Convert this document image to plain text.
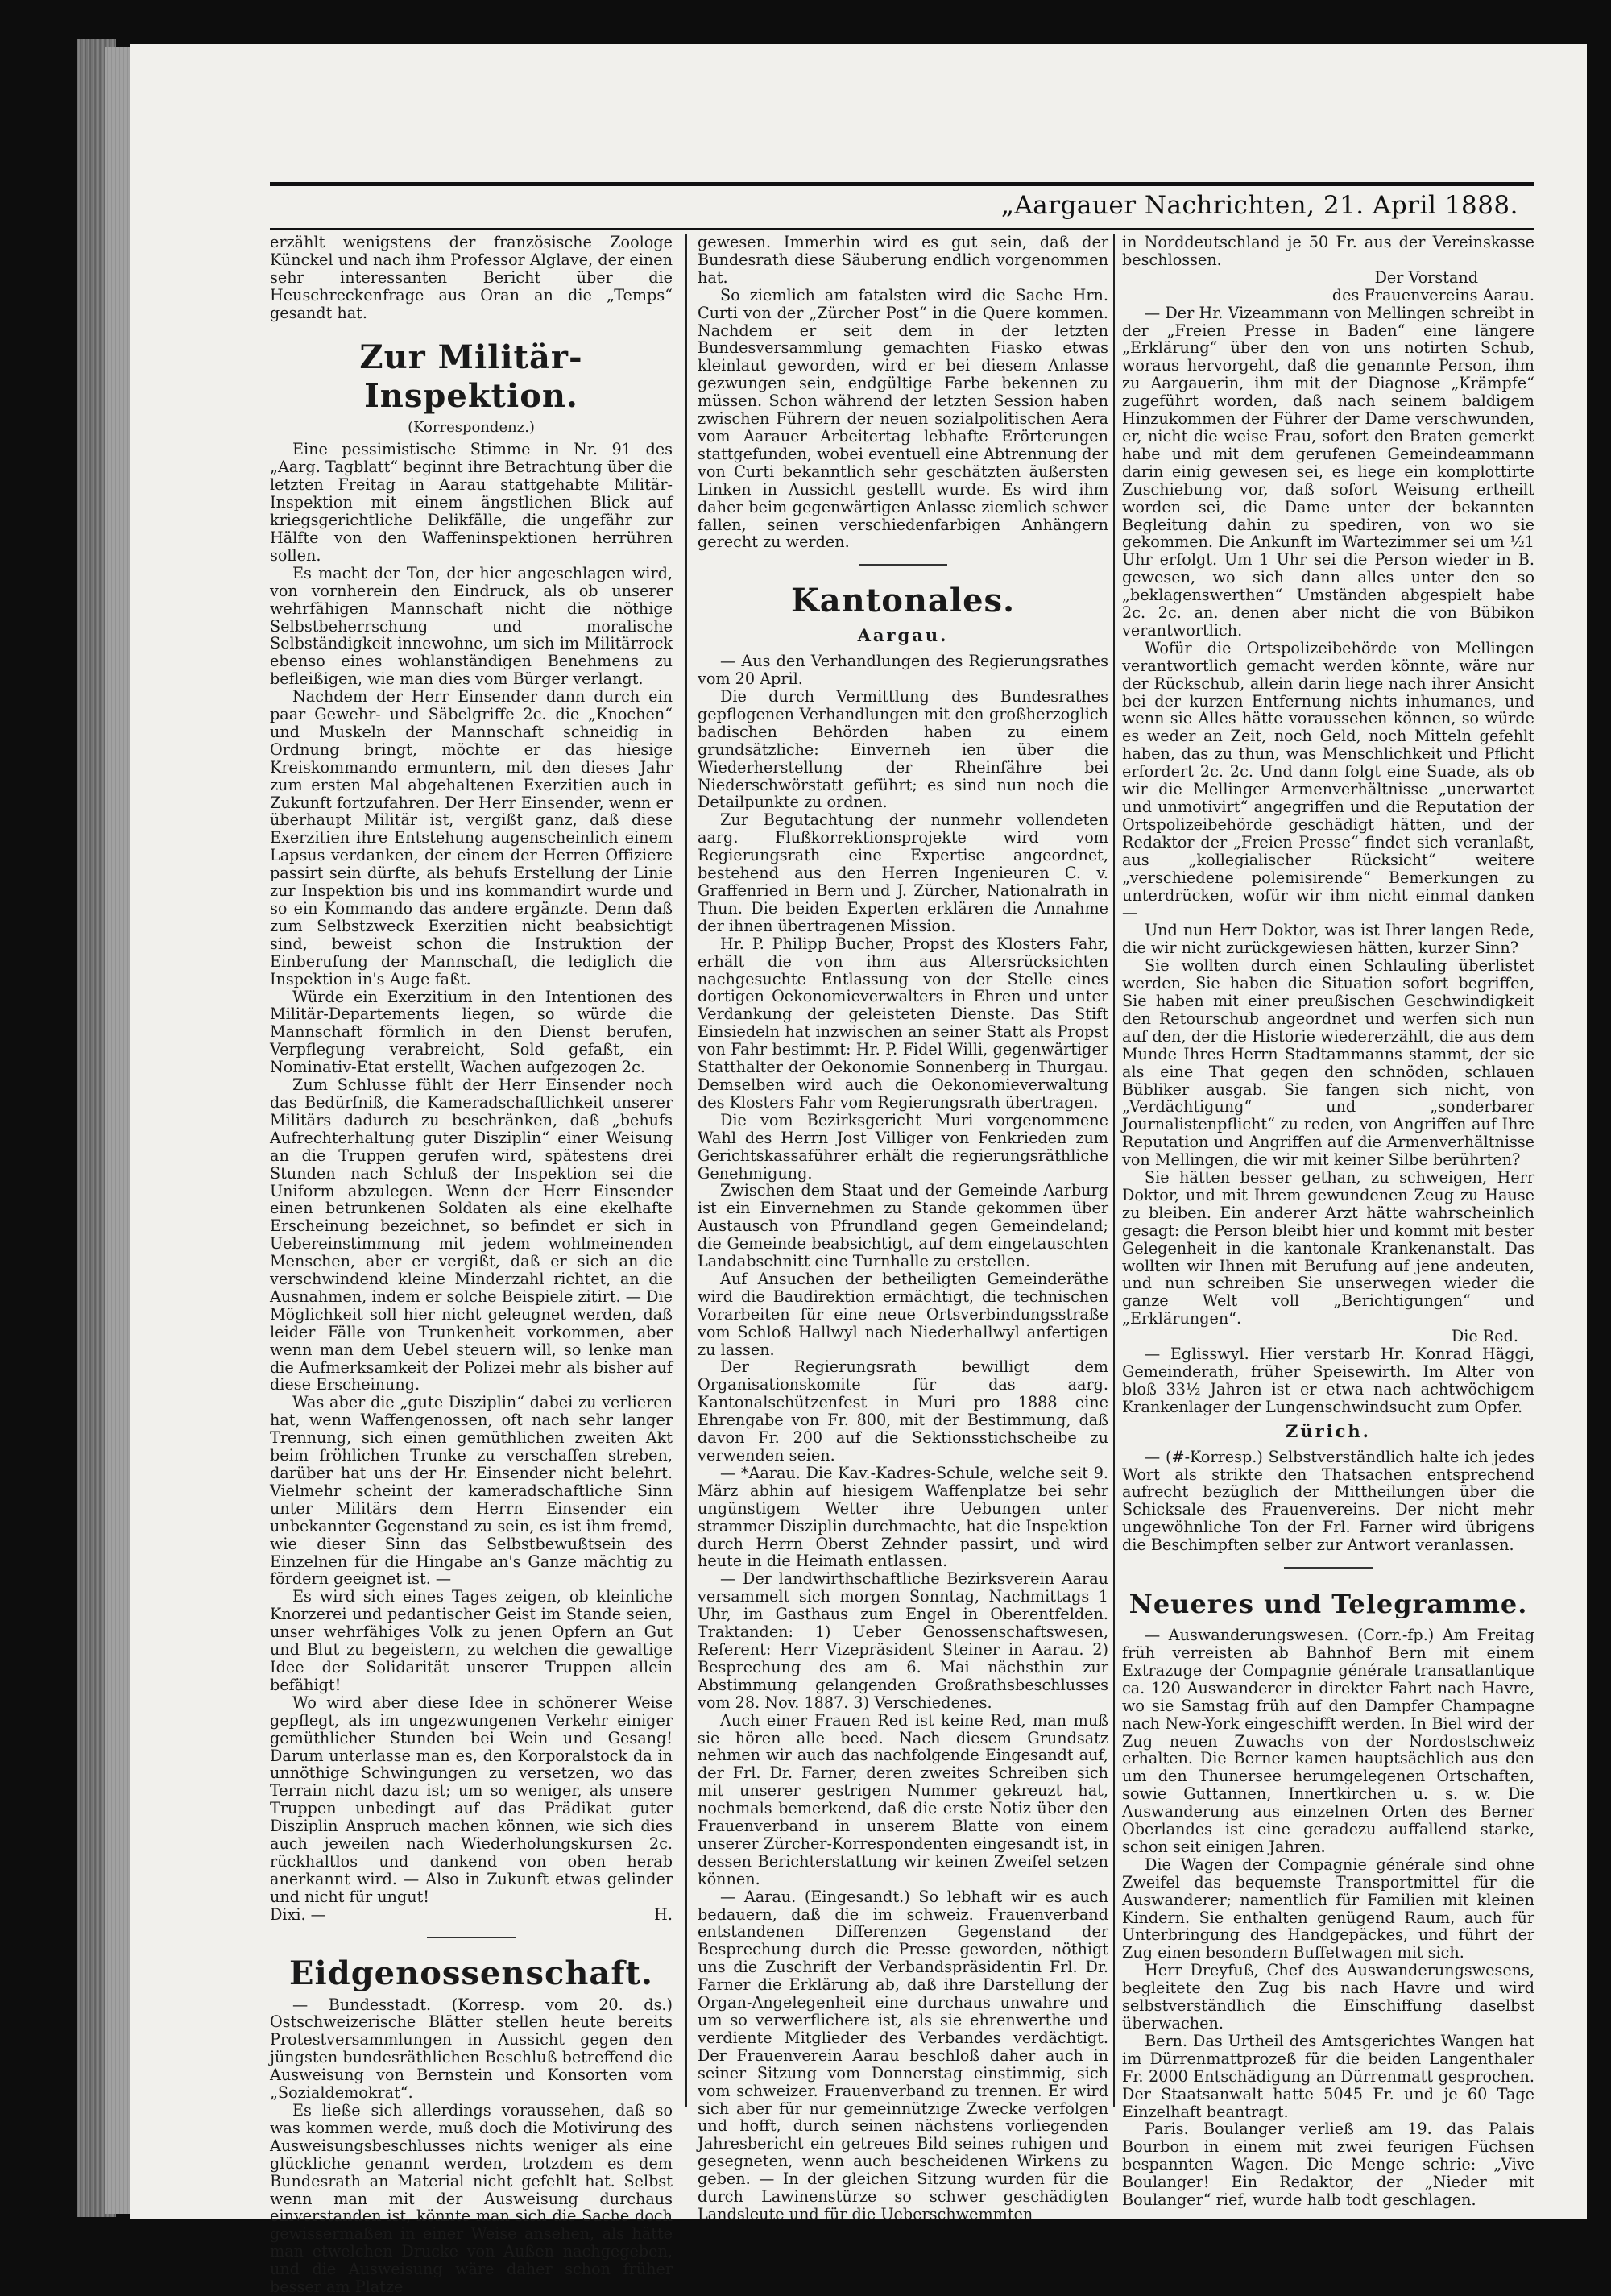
„Aargauer Nachrichten, 21. April 1888.

erzählt wenigstens der französische Zoologe Künckel und nach ihm Professor Alglave, der einen sehr interessanten Bericht über die Heuschreckenfrage aus Oran an die „Temps“ gesandt hat.

Zur Militär-Inspektion.
(Korrespondenz.)

Eine pessimistische Stimme in Nr. 91 des „Aarg. Tagblatt“ beginnt ihre Betrachtung über die letzten Freitag in Aarau stattgehabte Militär-Inspektion mit einem ängstlichen Blick auf kriegsgerichtliche Delikfälle, die ungefähr zur Hälfte von den Waffeninspektionen herrühren sollen.

Es macht der Ton, der hier angeschlagen wird, von vornherein den Eindruck, als ob unserer wehrfähigen Mannschaft nicht die nöthige Selbstbeherrschung und moralische Selbständigkeit innewohne, um sich im Militärrock ebenso eines wohlanständigen Benehmens zu befleißigen, wie man dies vom Bürger verlangt.

Nachdem der Herr Einsender dann durch ein paar Gewehr- und Säbelgriffe 2c. die „Knochen“ und Muskeln der Mannschaft schneidig in Ordnung bringt, möchte er das hiesige Kreiskommando ermuntern, mit den dieses Jahr zum ersten Mal abgehaltenen Exerzitien auch in Zukunft fortzufahren. Der Herr Einsender, wenn er überhaupt Militär ist, vergißt ganz, daß diese Exerzitien ihre Entstehung augenscheinlich einem Lapsus verdanken, der einem der Herren Offiziere passirt sein dürfte, als behufs Erstellung der Linie zur Inspektion bis und ins kommandirt wurde und so ein Kommando das andere ergänzte. Denn daß zum Selbstzweck Exerzitien nicht beabsichtigt sind, beweist schon die Instruktion der Einberufung der Mannschaft, die lediglich die Inspektion in's Auge faßt.

Würde ein Exerzitium in den Intentionen des Militär-Departements liegen, so würde die Mannschaft förmlich in den Dienst berufen, Verpflegung verabreicht, Sold gefaßt, ein Nominativ-Etat erstellt, Wachen aufgezogen 2c.

Zum Schlusse fühlt der Herr Einsender noch das Bedürfniß, die Kameradschaftlichkeit unserer Militärs dadurch zu beschränken, daß „behufs Aufrechterhaltung guter Disziplin“ einer Weisung an die Truppen gerufen wird, spätestens drei Stunden nach Schluß der Inspektion sei die Uniform abzulegen. Wenn der Herr Einsender einen betrunkenen Soldaten als eine ekelhafte Erscheinung bezeichnet, so befindet er sich in Uebereinstimmung mit jedem wohlmeinenden Menschen, aber er vergißt, daß er sich an die verschwindend kleine Minderzahl richtet, an die Ausnahmen, indem er solche Beispiele zitirt. — Die Möglichkeit soll hier nicht geleugnet werden, daß leider Fälle von Trunkenheit vorkommen, aber wenn man dem Uebel steuern will, so lenke man die Aufmerksamkeit der Polizei mehr als bisher auf diese Erscheinung.

Was aber die „gute Disziplin“ dabei zu verlieren hat, wenn Waffengenossen, oft nach sehr langer Trennung, sich einen gemüthlichen zweiten Akt beim fröhlichen Trunke zu verschaffen streben, darüber hat uns der Hr. Einsender nicht belehrt. Vielmehr scheint der kameradschaftliche Sinn unter Militärs dem Herrn Einsender ein unbekannter Gegenstand zu sein, es ist ihm fremd, wie dieser Sinn das Selbstbewußtsein des Einzelnen für die Hingabe an's Ganze mächtig zu fördern geeignet ist. —

Es wird sich eines Tages zeigen, ob kleinliche Knorzerei und pedantischer Geist im Stande seien, unser wehrfähiges Volk zu jenen Opfern an Gut und Blut zu begeistern, zu welchen die gewaltige Idee der Solidarität unserer Truppen allein befähigt!

Wo wird aber diese Idee in schönerer Weise gepflegt, als im ungezwungenen Verkehr einiger gemüthlicher Stunden bei Wein und Gesang! Darum unterlasse man es, den Korporalstock da in unnöthige Schwingungen zu versetzen, wo das Terrain nicht dazu ist; um so weniger, als unsere Truppen unbedingt auf das Prädikat guter Disziplin Anspruch machen können, wie sich dies auch jeweilen nach Wiederholungskursen 2c. rückhaltlos und dankend von oben herab anerkannt wird. — Also in Zukunft etwas gelinder und nicht für ungut!

Dixi. —	H.
Eidgenossenschaft.

— Bundesstadt. (Korresp. vom 20. ds.) Ostschweizerische Blätter stellen heute bereits Protestversammlungen in Aussicht gegen den jüngsten bundesräthlichen Beschluß betreffend die Ausweisung von Bernstein und Konsorten vom „Sozialdemokrat“.

Es ließe sich allerdings voraussehen, daß so was kommen werde, muß doch die Motivirung des Ausweisungsbeschlusses nichts weniger als eine glückliche genannt werden, trotzdem es dem Bundesrath an Material nicht gefehlt hat. Selbst wenn man mit der Ausweisung durchaus einverstanden ist, könnte man sich die Sache doch gewissermaßen in einer Weise ansehen, als hätte man etwelchen Drucke von Außen nachgegeben, und die Ausweisung wäre daher schon früher besser am Platze

gewesen. Immerhin wird es gut sein, daß der Bundesrath diese Säuberung endlich vorgenommen hat.

So ziemlich am fatalsten wird die Sache Hrn. Curti von der „Zürcher Post“ in die Quere kommen. Nachdem er seit dem in der letzten Bundesversammlung gemachten Fiasko etwas kleinlaut geworden, wird er bei diesem Anlasse gezwungen sein, endgültige Farbe bekennen zu müssen. Schon während der letzten Session haben zwischen Führern der neuen sozialpolitischen Aera vom Aarauer Arbeitertag lebhafte Erörterungen stattgefunden, wobei eventuell eine Abtrennung der von Curti bekanntlich sehr geschätzten äußersten Linken in Aussicht gestellt wurde. Es wird ihm daher beim gegenwärtigen Anlasse ziemlich schwer fallen, seinen verschiedenfarbigen Anhängern gerecht zu werden.

Kantonales.
Aargau.

— Aus den Verhandlungen des Regierungsrathes vom 20 April.

Die durch Vermittlung des Bundesrathes gepflogenen Verhandlungen mit den großherzoglich badischen Behörden haben zu einem grundsätzliche: Einverneh ien über die Wiederherstellung der Rheinfähre bei Niederschwörstatt geführt; es sind nun noch die Detailpunkte zu ordnen.

Zur Begutachtung der nunmehr vollendeten aarg. Flußkorrektionsprojekte wird vom Regierungsrath eine Expertise angeordnet, bestehend aus den Herren Ingenieuren C. v. Graffenried in Bern und J. Zürcher, Nationalrath in Thun. Die beiden Experten erklären die Annahme der ihnen übertragenen Mission.

Hr. P. Philipp Bucher, Propst des Klosters Fahr, erhält die von ihm aus Altersrücksichten nachgesuchte Entlassung von der Stelle eines dortigen Oekonomieverwalters in Ehren und unter Verdankung der geleisteten Dienste. Das Stift Einsiedeln hat inzwischen an seiner Statt als Propst von Fahr bestimmt: Hr. P. Fidel Willi, gegenwärtiger Statthalter der Oekonomie Sonnenberg in Thurgau. Demselben wird auch die Oekonomieverwaltung des Klosters Fahr vom Regierungsrath übertragen.

Die vom Bezirksgericht Muri vorgenommene Wahl des Herrn Jost Villiger von Fenkrieden zum Gerichtskassaführer erhält die regierungsräthliche Genehmigung.

Zwischen dem Staat und der Gemeinde Aarburg ist ein Einvernehmen zu Stande gekommen über Austausch von Pfrundland gegen Gemeindeland; die Gemeinde beabsichtigt, auf dem eingetauschten Landabschnitt eine Turnhalle zu erstellen.

Auf Ansuchen der betheiligten Gemeinderäthe wird die Baudirektion ermächtigt, die technischen Vorarbeiten für eine neue Ortsverbindungsstraße vom Schloß Hallwyl nach Niederhallwyl anfertigen zu lassen.

Der Regierungsrath bewilligt dem Organisationskomite für das aarg. Kantonalschützenfest in Muri pro 1888 eine Ehrengabe von Fr. 800, mit der Bestimmung, daß davon Fr. 200 auf die Sektionsstichscheibe zu verwenden seien.

— *Aarau. Die Kav.-Kadres-Schule, welche seit 9. März abhin auf hiesigem Waffenplatze bei sehr ungünstigem Wetter ihre Uebungen unter strammer Disziplin durchmachte, hat die Inspektion durch Herrn Oberst Zehnder passirt, und wird heute in die Heimath entlassen.

— Der landwirthschaftliche Bezirksverein Aarau versammelt sich morgen Sonntag, Nachmittags 1 Uhr, im Gasthaus zum Engel in Oberentfelden. Traktanden: 1) Ueber Genossenschaftswesen, Referent: Herr Vizepräsident Steiner in Aarau. 2) Besprechung des am 6. Mai nächsthin zur Abstimmung gelangenden Großrathsbeschlusses vom 28. Nov. 1887. 3) Verschiedenes.

Auch einer Frauen Red ist keine Red, man muß sie hören alle beed. Nach diesem Grundsatz nehmen wir auch das nachfolgende Eingesandt auf, der Frl. Dr. Farner, deren zweites Schreiben sich mit unserer gestrigen Nummer gekreuzt hat, nochmals bemerkend, daß die erste Notiz über den Frauenverband in unserem Blatte von einem unserer Zürcher-Korrespondenten eingesandt ist, in dessen Berichterstattung wir keinen Zweifel setzen können.

— Aarau. (Eingesandt.) So lebhaft wir es auch bedauern, daß die im schweiz. Frauenverband entstandenen Differenzen Gegenstand der Besprechung durch die Presse geworden, nöthigt uns die Zuschrift der Verbandspräsidentin Frl. Dr. Farner die Erklärung ab, daß ihre Darstellung der Organ-Angelegenheit eine durchaus unwahre und um so verwerflichere ist, als sie ehrenwerthe und verdiente Mitglieder des Verbandes verdächtigt. Der Frauenverein Aarau beschloß daher auch in seiner Sitzung vom Donnerstag einstimmig, sich vom schweizer. Frauenverband zu trennen. Er wird sich aber für nur gemeinnützige Zwecke verfolgen und hofft, durch seinen nächstens vorliegenden Jahresbericht ein getreues Bild seines ruhigen und gesegneten, wenn auch bescheidenen Wirkens zu geben. — In der gleichen Sitzung wurden für die durch Lawinenstürze so schwer geschädigten Landsleute und für die Ueberschwemmten

in Norddeutschland je 50 Fr. aus der Vereinskasse beschlossen.

Der Vorstand

des Frauenvereins Aarau.

— Der Hr. Vizeammann von Mellingen schreibt in der „Freien Presse in Baden“ eine längere „Erklärung“ über den von uns notirten Schub, woraus hervorgeht, daß die genannte Person, ihm zu Aargauerin, ihm mit der Diagnose „Krämpfe“ zugeführt worden, daß nach seinem baldigem Hinzukommen der Führer der Dame verschwunden, er, nicht die weise Frau, sofort den Braten gemerkt habe und mit dem gerufenen Gemeindeammann darin einig gewesen sei, es liege ein komplottirte Zuschiebung vor, daß sofort Weisung ertheilt worden sei, die Dame unter der bekannten Begleitung dahin zu spediren, von wo sie gekommen. Die Ankunft im Wartezimmer sei um ½1 Uhr erfolgt. Um 1 Uhr sei die Person wieder in B. gewesen, wo sich dann alles unter den so „beklagenswerthen“ Umständen abgespielt habe 2c. 2c. an. denen aber nicht die von Bübikon verantwortlich.

Wofür die Ortspolizeibehörde von Mellingen verantwortlich gemacht werden könnte, wäre nur der Rückschub, allein darin liege nach ihrer Ansicht bei der kurzen Entfernung nichts inhumanes, und wenn sie Alles hätte voraussehen können, so würde es weder an Zeit, noch Geld, noch Mitteln gefehlt haben, das zu thun, was Menschlichkeit und Pflicht erfordert 2c. 2c. Und dann folgt eine Suade, als ob wir die Mellinger Armenverhältnisse „unerwartet und unmotivirt“ angegriffen und die Reputation der Ortspolizeibehörde geschädigt hätten, und der Redaktor der „Freien Presse“ findet sich veranlaßt, aus „kollegialischer Rücksicht“ weitere „verschiedene polemisirende“ Bemerkungen zu unterdrücken, wofür wir ihm nicht einmal danken —

Und nun Herr Doktor, was ist Ihrer langen Rede, die wir nicht zurückgewiesen hätten, kurzer Sinn?

Sie wollten durch einen Schlauling überlistet werden, Sie haben die Situation sofort begriffen, Sie haben mit einer preußischen Geschwindigkeit den Retourschub angeordnet und werfen sich nun auf den, der die Historie wiedererzählt, die aus dem Munde Ihres Herrn Stadtammanns stammt, der sie als eine That gegen den schnöden, schlauen Bübliker ausgab. Sie fangen sich nicht, von „Verdächtigung“ und „sonderbarer Journalistenpflicht“ zu reden, von Angriffen auf Ihre Reputation und Angriffen auf die Armenverhältnisse von Mellingen, die wir mit keiner Silbe berührten?

Sie hätten besser gethan, zu schweigen, Herr Doktor, und mit Ihrem gewundenen Zeug zu Hause zu bleiben. Ein anderer Arzt hätte wahrscheinlich gesagt: die Person bleibt hier und kommt mit bester Gelegenheit in die kantonale Krankenanstalt. Das wollten wir Ihnen mit Berufung auf jene andeuten, und nun schreiben Sie unserwegen wieder die ganze Welt voll „Berichtigungen“ und „Erklärungen“.

Die Red.

— Eglisswyl. Hier verstarb Hr. Konrad Häggi, Gemeinderath, früher Speisewirth. Im Alter von bloß 33½ Jahren ist er etwa nach achtwöchigem Krankenlager der Lungenschwindsucht zum Opfer.

Zürich.

— (#-Korresp.) Selbstverständlich halte ich jedes Wort als strikte den Thatsachen entsprechend aufrecht bezüglich der Mittheilungen über die Schicksale des Frauenvereins. Der nicht mehr ungewöhnliche Ton der Frl. Farner wird übrigens die Beschimpften selber zur Antwort veranlassen.

Neueres und Telegramme.

— Auswanderungswesen. (Corr.-fp.) Am Freitag früh verreisten ab Bahnhof Bern mit einem Extrazuge der Compagnie générale transatlantique ca. 120 Auswanderer in direkter Fahrt nach Havre, wo sie Samstag früh auf den Dampfer Champagne nach New-York eingeschifft werden. In Biel wird der Zug neuen Zuwachs von der Nordostschweiz erhalten. Die Berner kamen hauptsächlich aus den um den Thunersee herumgelegenen Ortschaften, sowie Guttannen, Innertkirchen u. s. w. Die Auswanderung aus einzelnen Orten des Berner Oberlandes ist eine geradezu auffallend starke, schon seit einigen Jahren.

Die Wagen der Compagnie générale sind ohne Zweifel das bequemste Transportmittel für die Auswanderer; namentlich für Familien mit kleinen Kindern. Sie enthalten genügend Raum, auch für Unterbringung des Handgepäckes, und führt der Zug einen besondern Buffetwagen mit sich.

Herr Dreyfuß, Chef des Auswanderungswesens, begleitete den Zug bis nach Havre und wird selbstverständlich die Einschiffung daselbst überwachen.

Bern. Das Urtheil des Amtsgerichtes Wangen hat im Dürrenmattprozeß für die beiden Langenthaler Fr. 2000 Entschädigung an Dürrenmatt gesprochen. Der Staatsanwalt hatte 5045 Fr. und je 60 Tage Einzelhaft beantragt.

Paris. Boulanger verließ am 19. das Palais Bourbon in einem mit zwei feurigen Füchsen bespannten Wagen. Die Menge schrie: „Vive Boulanger! Ein Redaktor, der „Nieder mit Boulanger“ rief, wurde halb todt geschlagen.
